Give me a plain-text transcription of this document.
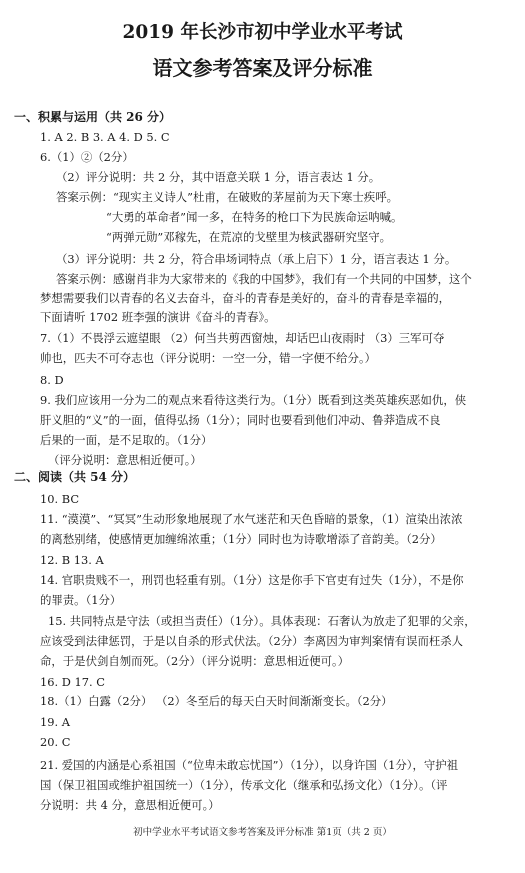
2019 年长沙市初中学业水平考试
语文参考答案及评分标准
一、积累与运用（共 26 分）
1. A 2. B 3. A 4. D 5. C
6.（1）②（2分）
（2）评分说明：共 2 分，其中语意关联 1 分，语言表达 1 分。
答案示例：“现实主义诗人”杜甫，在破败的茅屋前为天下寒士疾呼。
“大勇的革命者”闻一多，在特务的枪口下为民族命运呐喊。
“两弹元勋”邓稼先，在荒凉的戈壁里为核武器研究坚守。
（3）评分说明：共 2 分，符合串场词特点（承上启下）1 分，语言表达 1 分。
答案示例：感谢肖非为大家带来的《我的中国梦》，我们有一个共同的中国梦，这个
梦想需要我们以青春的名义去奋斗，奋斗的青春是美好的，奋斗的青春是幸福的，
下面请听 1702 班李强的演讲《奋斗的青春》。
7.（1）不畏浮云遮望眼 （2）何当共剪西窗烛，却话巴山夜雨时 （3）三军可夺
帅也，匹夫不可夺志也（评分说明：一空一分，错一字便不给分。）
8. D
9. 我们应该用一分为二的观点来看待这类行为。（1分）既看到这类英雄疾恶如仇，侠
肝义胆的“义”的一面，值得弘扬（1分）；同时也要看到他们冲动、鲁莽造成不良
后果的一面，是不足取的。（1分）
（评分说明：意思相近便可。）
二、阅读（共 54 分）
10. BC
11. “漠漠”、“冥冥”生动形象地展现了水气迷茫和天色昏暗的景象，（1）渲染出浓浓
的离愁别绪，使感情更加缠绵浓重；（1分）同时也为诗歌增添了音韵美。（2分）
12. B 13. A
14. 官职贵贱不一，刑罚也轻重有别。（1分）这是你手下官吏有过失（1分），不是你
的罪责。（1分）
15. 共同特点是守法（或担当责任）（1分）。具体表现：石奢认为放走了犯罪的父亲，
应该受到法律惩罚，于是以自杀的形式伏法。（2分）李离因为审判案情有误而枉杀人
命，于是伏剑自刎而死。（2分）（评分说明：意思相近便可。）
16. D 17. C
18.（1）白露（2分） （2）冬至后的每天白天时间渐渐变长。（2分）
19. A
20. C
21. 爱国的内涵是心系祖国（“位卑未敢忘忧国”）（1分），以身许国（1分），守护祖
国（保卫祖国或维护祖国统一）（1分），传承文化（继承和弘扬文化）（1分）。（评
分说明：共 4 分，意思相近便可。）
初中学业水平考试语文参考答案及评分标准 第1页（共 2 页）
